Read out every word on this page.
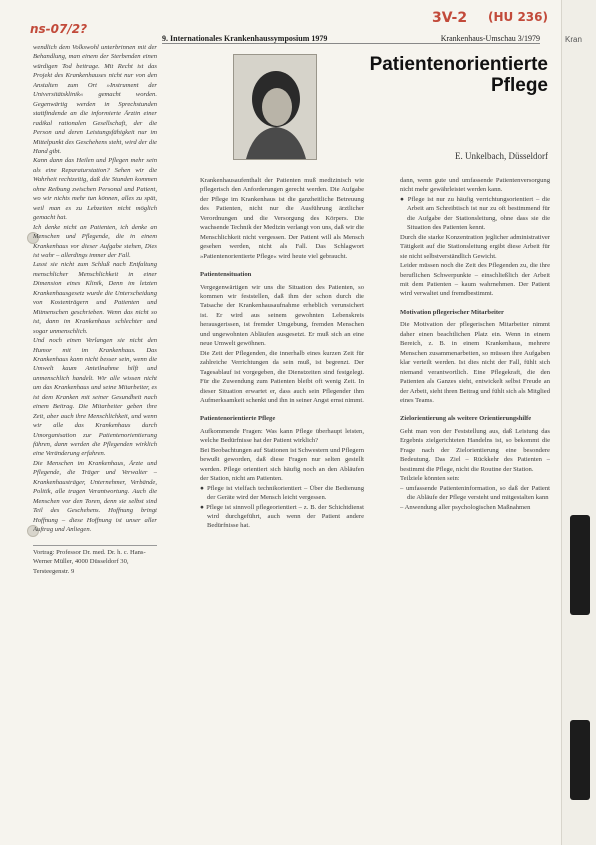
ns-07/2?
3V-2 (HU 236)
Kran
9. Internationales Krankenhaussymposium 1979	Krankenhaus-Umschau 3/1979
Patientenorientierte
Pflege
E. Unkelbach, Düsseldorf

wendlich dem Volkswohl unterbrinnen mit der Behandlung, man einem der Sterbenden einen würdigen Tod beitrage. Mit Recht ist das Projekt des Krankenhauses nicht nur von den Anstalten zum Ort »Instrument der Universitätsklinik« gemacht worden. Gegenwärtig werden in Sprechstunden stattfindende an die informierte Ärztin einer radikal rationalen Gesellschaft, der die Person und deren Leistungsfähigkeit nur im Mittelpunkt des Geschehens steht, wird der die Hand gibt.

Kann dann das Heilen und Pflegen mehr sein als eine Reparaturstation? Sehen wir die Wahrheit rechtzeitig, daß die Stunden kommen ohne Reibung zwischen Personal und Patient, wo wir nichts mehr tun können, alles zu spät, weil man es zu Lebzeiten nicht möglich gemacht hat.

Ich denke nicht an Patienten, ich denke an Menschen und Pflegende, die in einem Krankenhaus vor dieser Aufgabe stehen, Dies ist wahr – allerdings immer der Fall.

Lasst sie nicht zum Schluß nach Entfaltung menschlicher Menschlichkeit in einer Dimension eines Klinik, Denn im letzten Krankenhausgesetz wurde die Unterscheidung von Kostenträgern und Patienten und Mitmenschen geschrieben. Wenn das nicht so ist, dann im Krankenhaus schlechter und sogar unmenschlich.

Und noch einen Verlangen sie nicht den Humor mit im Krankenhaus. Das Krankenhaus kann nicht besser sein, wenn die Umwelt kaum Anteilnahme hilft und unmenschlich handelt. Wir alle wissen nicht um das Krankenhaus und seine Mitarbeiter, es ist dem Kranken mit seiner Gesundheit nach einem Beitrag. Die Mitarbeiter geben ihre Zeit, aber auch ihre Menschlichkeit, und wenn wir alle das Krankenhaus durch Umorganisation zur Patientenorientierung führen, dann werden die Pflegenden wirklich eine Veränderung erfahren.

Die Menschen im Krankenhaus, Ärzte und Pflegende, die Träger und Verwalter – Krankenhausträger, Unternehmer, Verbände, Politik, alle tragen Verantwortung. Auch die Menschen vor den Toren, denn sie selbst sind Teil des Geschehens. Hoffnung bringt Hoffnung – diese Hoffnung ist unser aller Auftrag und Anliegen.

Vortrag: Professor Dr. med. Dr. h. c. Hans-Werner Müller, 4000 Düsseldorf 30, Tersteegenstr. 9

Krankenhausaufenthalt der Patienten muß medizinisch wie pflegerisch den Anforderungen gerecht werden. Die Aufgabe der Pflege im Krankenhaus ist die ganzheitliche Betreuung des Patienten, nicht nur die Ausführung ärztlicher Verordnungen und die Versorgung des Körpers. Die wachsende Technik der Medizin verlangt von uns, daß wir die Menschlichkeit nicht vergessen. Der Patient will als Mensch gesehen werden, nicht als Fall. Das Schlagwort »Patientenorientierte Pflege« wird heute viel gebraucht.

Patientensituation

Vergegenwärtigen wir uns die Situation des Patienten, so kommen wir feststellen, daß ihm der schon durch die Tatsache der Krankenhausaufnahme erheblich verunsichert ist. Er wird aus seinem gewohnten Lebenskreis herausgerissen, ist fremder Umgebung, fremden Menschen und ungewohnten Abläufen ausgesetzt. Er muß sich an eine neue Umwelt gewöhnen.
Die Zeit der Pflegenden, die innerhalb eines kurzen Zeit für zahlreiche Verrichtungen da sein muß, ist begrenzt. Der Tagesablauf ist vorgegeben, die Dienstzeiten sind festgelegt. Für die Zuwendung zum Patienten bleibt oft wenig Zeit. In dieser Situation erwartet er, dass auch sein Pflegender ihm Aufmerksamkeit schenkt und ihn in seiner Angst ernst nimmt.

Patientenorientierte Pflege

Aufkommende Fragen: Was kann Pflege überhaupt leisten, welche Bedürfnisse hat der Patient wirklich?
Bei Beobachtungen auf Stationen ist Schwestern und Pflegern bewußt geworden, daß diese Fragen nur selten gestellt werden. Pflege orientiert sich häufig noch an den Abläufen der Station, nicht am Patienten.

● Pflege ist vielfach technikorientiert – Über die Bedienung der Geräte wird der Mensch leicht vergessen.
● Pflege ist sinnvoll pflegeorientiert – z. B. der Schichtdienst wird durchgeführt, auch wenn der Patient andere Bedürfnisse hat.

dann, wenn gute und umfassende Patientenversorgung nicht mehr gewährleistet werden kann.

● Pflege ist nur zu häufig verrichtungsorientiert – die Arbeit am Schreibtisch ist nur zu oft bestimmend für die Aufgabe der Stationsleitung, ohne dass sie die Situation des Patienten kennt.

Durch die starke Konzentration jeglicher administrativer Tätigkeit auf die Stationsleitung ergibt diese Arbeit für sie nicht selbstverständlich Gewicht.

Leider müssen noch die Zeit des Pflegenden zu, die ihre beruflichen Schwerpunkte – einschließlich der Arbeit mit dem Patienten – kaum wahrnehmen. Der Patient wird verwaltet und fremdbestimmt.

Motivation pflegerischer Mitarbeiter

Die Motivation der pflegerischen Mitarbeiter nimmt daher einen beachtlichen Platz ein. Wenn in einem Bereich, z. B. in einem Krankenhaus, mehrere Menschen zusammenarbeiten, so müssen ihre Aufgaben klar verteilt werden. Ist dies nicht der Fall, fühlt sich niemand verantwortlich. Eine Pflegekraft, die den Patienten als Ganzes sieht, entwickelt selbst Freude an der Arbeit, sieht ihren Beitrag und fühlt sich als Mitglied eines Teams.

Zielorientierung als weitere Orientierungshilfe

Geht man von der Feststellung aus, daß Leistung das Ergebnis zielgerichteten Handelns ist, so bekommt die Frage nach der Zielorientierung eine besondere Bedeutung. Das Ziel – Rückkehr des Patienten – bestimmt die Pflege, nicht die Routine der Station.

Teilziele könnten sein:

– umfassende Patienteninformation, so daß der Patient die Abläufe der Pflege versteht und mitgestalten kann
– Anwendung aller psychologischen Maßnahmen
